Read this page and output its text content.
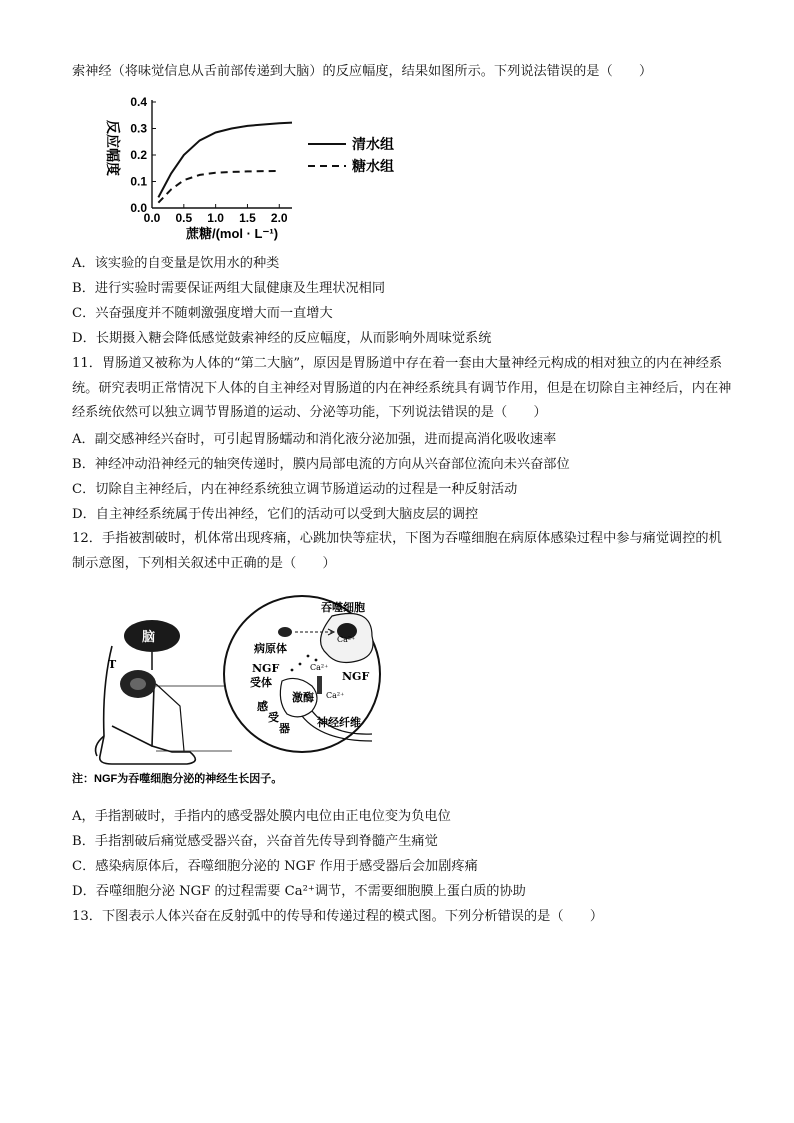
索神经（将味觉信息从舌前部传递到大脑）的反应幅度，结果如图所示。下列说法错误的是（　　）
0.0
0.1
0.2
0.3
0.4
0.0 0.5 1.0 1.5 2.0
反应幅度
蔗糖/(mol · L⁻¹)
清水组
糖水组
A．该实验的自变量是饮用水的种类
B．进行实验时需要保证两组大鼠健康及生理状况相同
C．兴奋强度并不随刺激强度增大而一直增大
D．长期摄入糖会降低感觉鼓索神经的反应幅度，从而影响外周味觉系统
11．胃肠道又被称为人体的“第二大脑”，原因是胃肠道中存在着一套由大量神经元构成的相对独立的内在神经系统。研究表明正常情况下人体的自主神经对胃肠道的内在神经系统具有调节作用，但是在切除自主神经后，内在神经系统依然可以独立调节胃肠道的运动、分泌等功能，下列说法错误的是（　　）
A．副交感神经兴奋时，可引起胃肠蠕动和消化液分泌加强，进而提高消化吸收速率
B．神经冲动沿神经元的轴突传递时，膜内局部电流的方向从兴奋部位流向未兴奋部位
C．切除自主神经后，内在神经系统独立调节肠道运动的过程是一种反射活动
D．自主神经系统属于传出神经，它们的活动可以受到大脑皮层的调控
12．手指被割破时，机体常出现疼痛，心跳加快等症状，下图为吞噬细胞在病原体感染过程中参与痛觉调控的机制示意图，下列相关叙述中正确的是（　　）
脑
T
吞噬细胞
病原体
Ca²⁺
NGF
NGF
受体
Ca²⁺
Ca²⁺
激酶
感
受
器 神经纤维
注：NGF为吞噬细胞分泌的神经生长因子。
A，手指割破时，手指内的感受器处膜内电位由正电位变为负电位
B．手指割破后痛觉感受器兴奋，兴奋首先传导到脊髓产生痛觉
C．感染病原体后，吞噬细胞分泌的 NGF 作用于感受器后会加剧疼痛
D．吞噬细胞分泌 NGF 的过程需要 Ca²⁺调节，不需要细胞膜上蛋白质的协助
13．下图表示人体兴奋在反射弧中的传导和传递过程的模式图。下列分析错误的是（　　）
